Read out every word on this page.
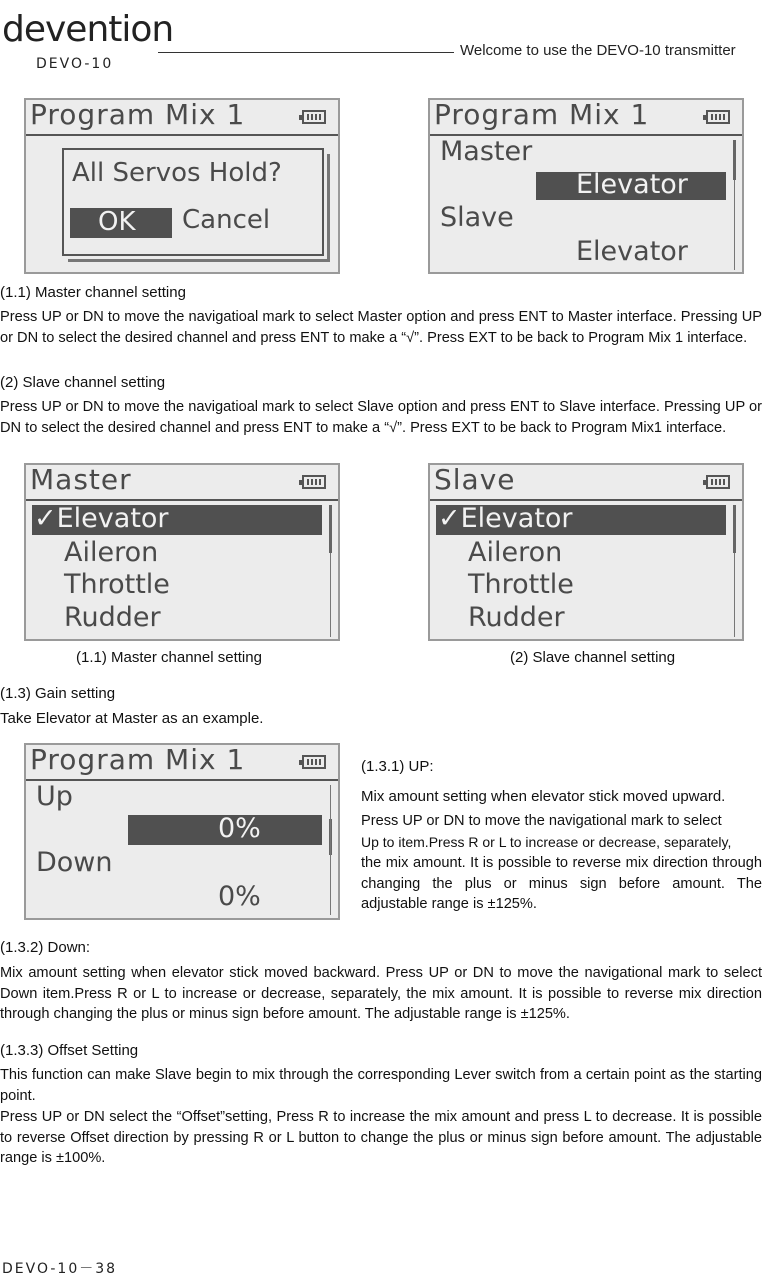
devention
DEVO-10
Welcome to use the DEVO-10 transmitter
Program Mix 1
All Servos Hold?
OK Cancel
Program Mix 1
Master
Elevator
Slave
Elevator
(1.1) Master channel setting
Press UP or DN to move the navigatioal mark to select Master option and press ENT to Master interface. Pressing UP or DN to select the desired channel and press ENT to make a “√”. Press EXT to be back to Program Mix 1 interface.
(2) Slave channel setting
Press UP or DN to move the navigatioal mark to select Slave option and press ENT to Slave interface. Pressing UP or DN to select the desired channel and press ENT to make a “√”. Press EXT to be back to Program Mix1 interface.
Master
✓Elevator
Aileron
Throttle
Rudder
Slave
✓Elevator
Aileron
Throttle
Rudder
(1.1) Master channel setting	(2) Slave channel setting
(1.3) Gain setting
Take Elevator at Master as an example.
Program Mix 1
Up
0%
Down
0%
(1.3.1) UP:
Mix amount setting when elevator stick moved upward.
Press UP or DN to move the navigational mark to select
Up to item.Press R or L to increase or decrease, separately,
the mix amount. It is possible to reverse mix direction through changing the plus or minus sign before amount. The adjustable range is ±125%.
(1.3.2) Down:
Mix amount setting when elevator stick moved backward. Press UP or DN to move the navigational mark to select Down item.Press R or L to increase or decrease, separately, the mix amount. It is possible to reverse mix direction through changing the plus or minus sign before amount. The adjustable range is ±125%.
(1.3.3) Offset Setting
This function can make Slave begin to mix through the corresponding Lever switch from a certain point as the starting point.
Press UP or DN select the “Offset”setting, Press R to increase the mix amount and press L to decrease. It is possible to reverse Offset direction by pressing R or L button to change the plus or minus sign before amount. The adjustable range is ±100%.
DEVO-10－38
